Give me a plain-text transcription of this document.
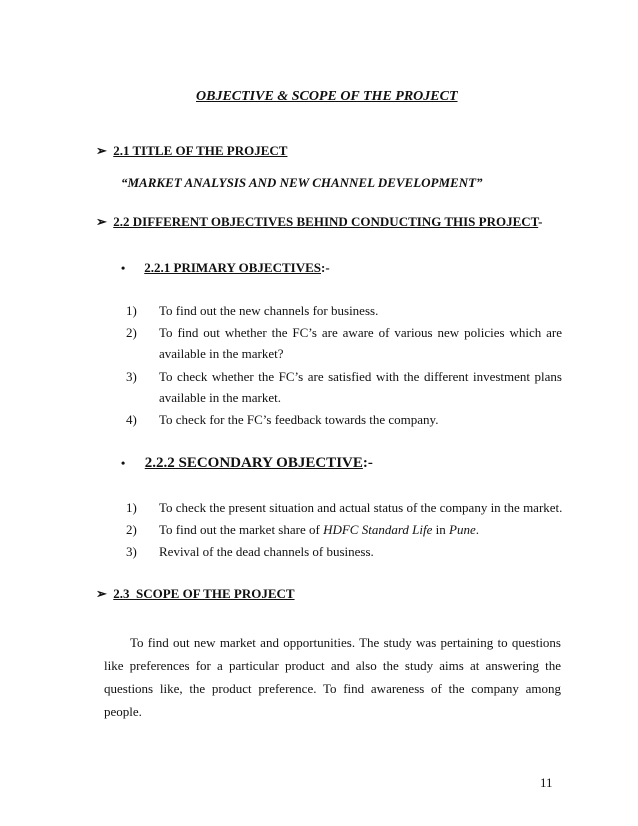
OBJECTIVE & SCOPE OF THE PROJECT
➢ 2.1 TITLE OF THE PROJECT
“MARKET ANALYSIS AND NEW CHANNEL DEVELOPMENT”
➢ 2.2 DIFFERENT OBJECTIVES BEHIND CONDUCTING THIS PROJECT-
• 2.2.1 PRIMARY OBJECTIVES:-
1)	To find out the new channels for business.
2)	To find out whether the FC’s are aware of various new policies which are available in the market?
3)	To check whether the FC’s are satisfied with the different investment plans available in the market.
4)	To check for the FC’s feedback towards the company.
• 2.2.2 SECONDARY OBJECTIVE:-
1)	To check the present situation and actual status of the company in the market.
2)	To find out the market share of HDFC Standard Life in Pune.
3)	Revival of the dead channels of business.
➢ 2.3  SCOPE OF THE PROJECT
To find out new market and opportunities. The study was pertaining to questions like preferences for a particular product and also the study aims at answering the questions like, the product preference. To find awareness of the company among people.
11
